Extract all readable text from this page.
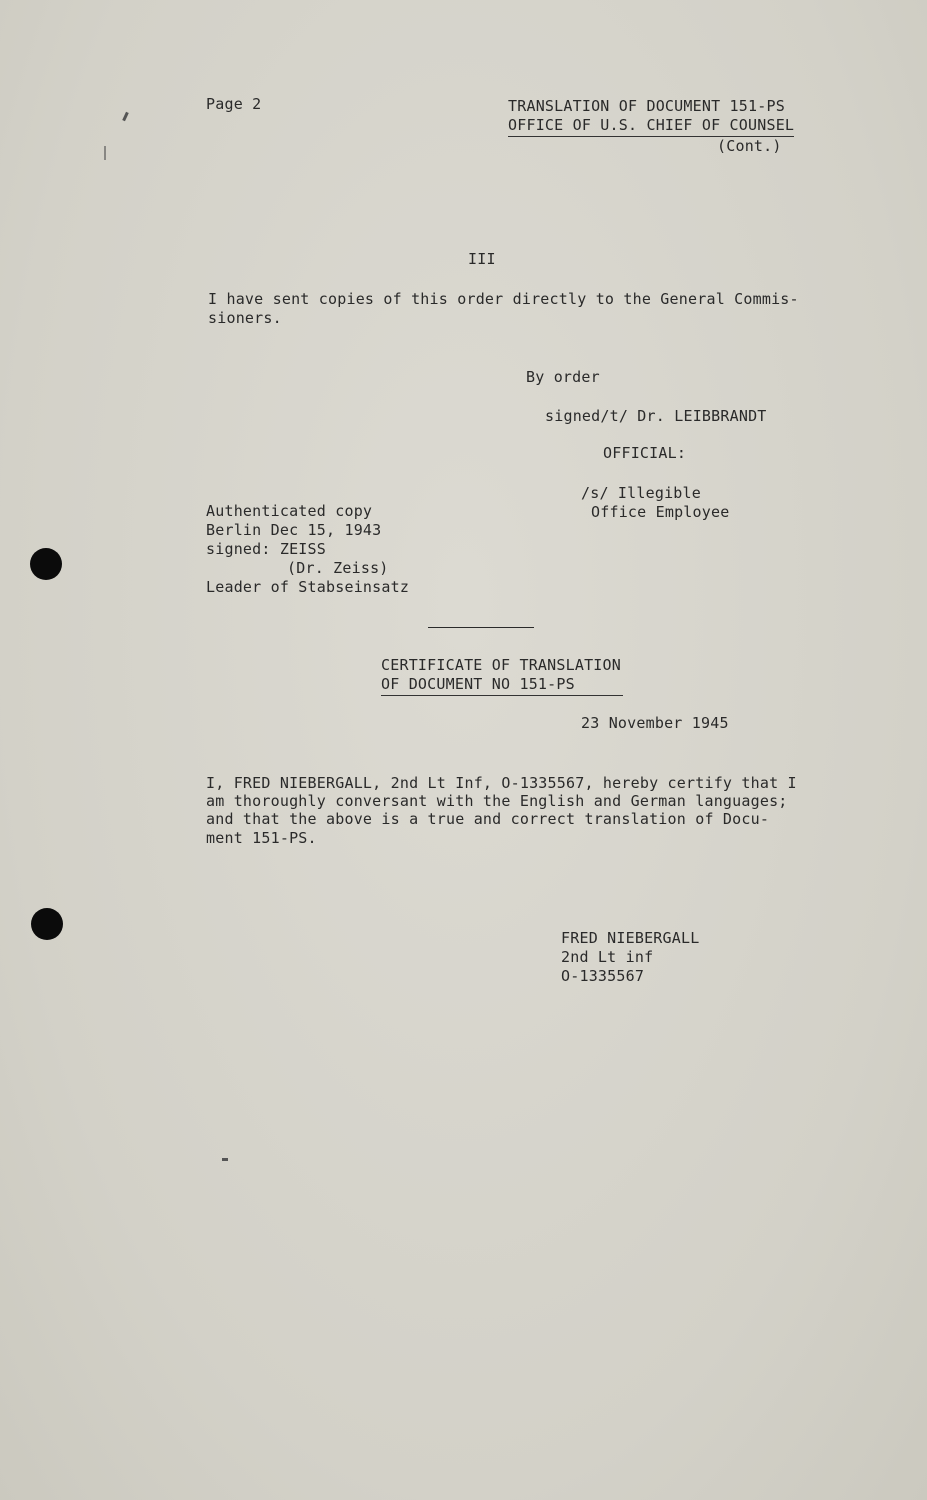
Page 2	TRANSLATION OF DOCUMENT 151-PS
OFFICE OF U.S. CHIEF OF COUNSEL
(Cont.)
III
I have sent copies of this order directly to the General Commis-
sioners.
By order
signed/t/ Dr. LEIBBRANDT
OFFICIAL:
/s/ Illegible
Office Employee
Authenticated copy
Berlin Dec 15, 1943
signed: ZEISS
(Dr. Zeiss)
Leader of Stabseinsatz
CERTIFICATE OF TRANSLATION
OF DOCUMENT NO 151-PS
23 November 1945
I, FRED NIEBERGALL, 2nd Lt Inf, O-1335567, hereby certify that I
am thoroughly conversant with the English and German languages;
and that the above is a true and correct translation of Docu-
ment 151-PS.
FRED NIEBERGALL
2nd Lt inf
O-1335567
